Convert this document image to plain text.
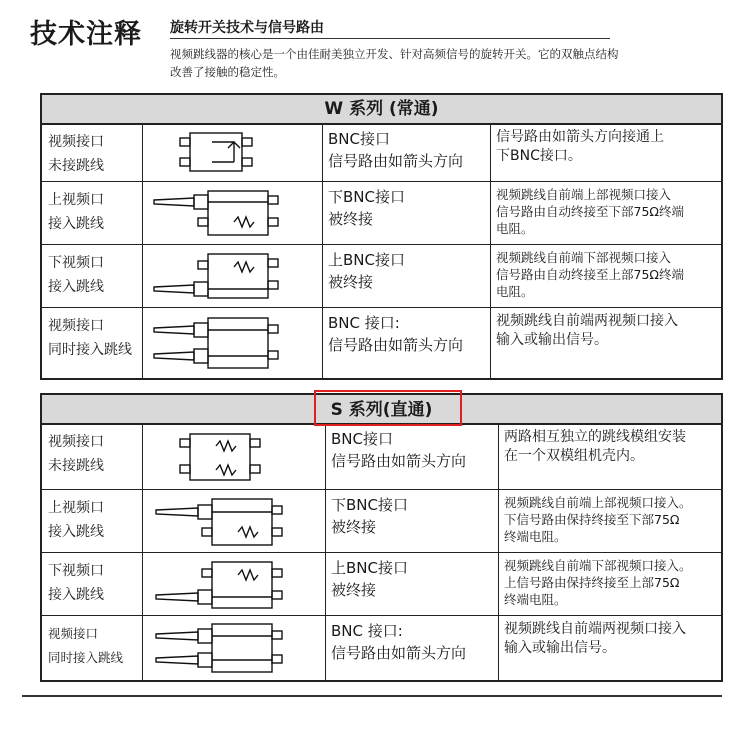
技术注释 旋转开关技术与信号路由
视频跳线器的核心是一个由佳耐美独立开发、针对高频信号的旋转开关。它的双触点结构改善了接触的稳定性。
W 系列 (常通)
视频接口
未接跳线
BNC接口
信号路由如箭头方向
信号路由如箭头方向接通上
下BNC接口。
上视频口
接入跳线
下BNC接口
被终接
视频跳线自前端上部视频口接入
信号路由自动终接至下部75Ω终端
电阻。
下视频口
接入跳线
上BNC接口
被终接
视频跳线自前端下部视频口接入
信号路由自动终接至上部75Ω终端
电阻。
视频接口
同时接入跳线
BNC 接口:
信号路由如箭头方向
视频跳线自前端两视频口接入
输入或输出信号。
S 系列(直通)
视频接口
未接跳线
BNC接口
信号路由如箭头方向
两路相互独立的跳线模组安装
在一个双模组机壳内。
上视频口
接入跳线
下BNC接口
被终接
视频跳线自前端上部视频口接入。
下信号路由保持终接至下部75Ω
终端电阻。
下视频口
接入跳线
上BNC接口
被终接
视频跳线自前端下部视频口接入。
上信号路由保持终接至上部75Ω
终端电阻。
视频接口
同时接入跳线
BNC 接口:
信号路由如箭头方向
视频跳线自前端两视频口接入
输入或输出信号。
